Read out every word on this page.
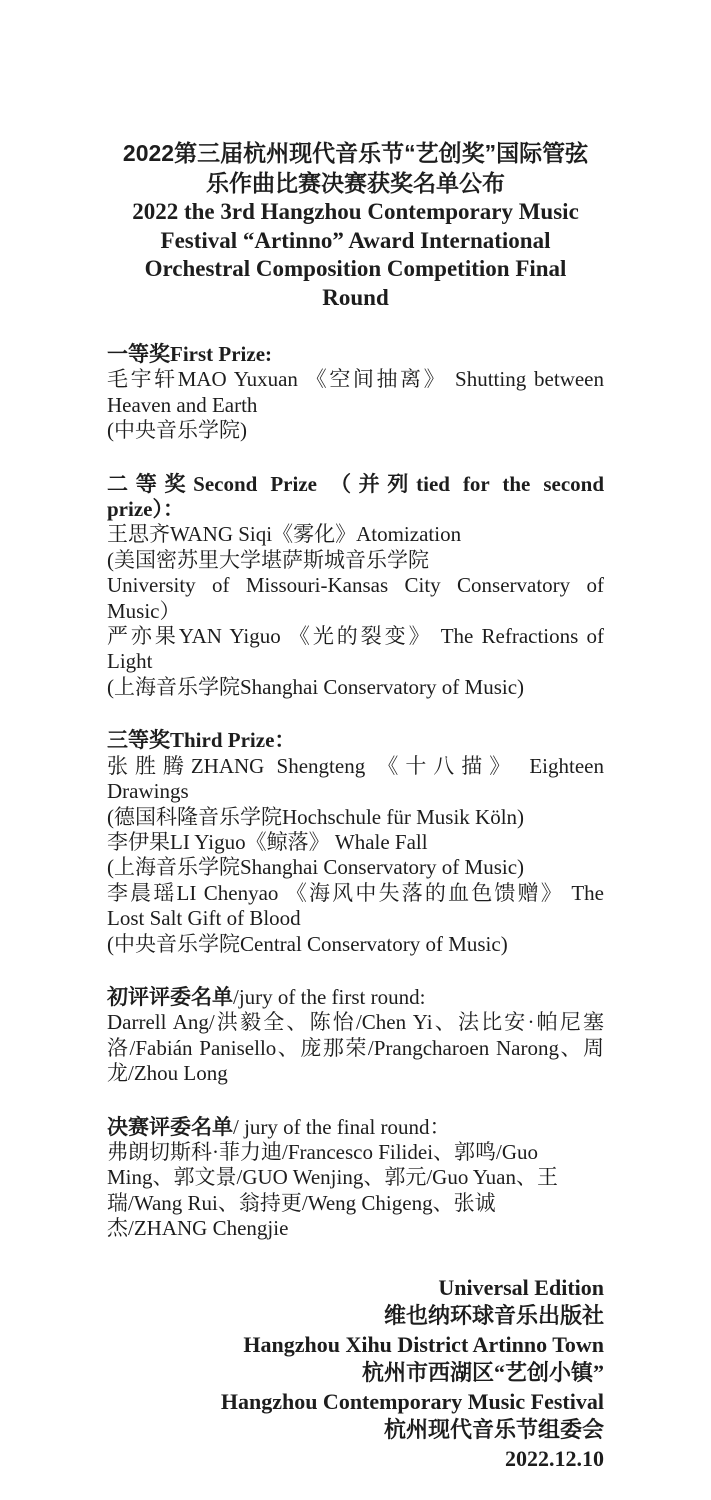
2022第三届杭州现代音乐节“艺创奖”国际管弦
乐作曲比赛决赛获奖名单公布
2022 the 3rd Hangzhou Contemporary Music
Festival “Artinno” Award International
Orchestral Composition Competition Final
Round
一等奖First Prize:
毛宇轩MAO Yuxuan 《空间抽离》 Shutting between
Heaven and Earth
(中央音乐学院)
二等奖Second Prize （并列tied for the second
prize）：
王思齐WANG Siqi《雾化》Atomization
(美国密苏里大学堪萨斯城音乐学院
University of Missouri-Kansas City Conservatory of
Music）
严亦果YAN Yiguo 《光的裂变》 The Refractions of
Light
(上海音乐学院Shanghai Conservatory of Music)
三等奖Third Prize：
张胜腾ZHANG Shengteng 《十八描》 Eighteen
Drawings
(德国科隆音乐学院Hochschule für Musik Köln)
李伊果LI Yiguo《鲸落》 Whale Fall
(上海音乐学院Shanghai Conservatory of Music)
李晨瑶LI Chenyao 《海风中失落的血色馈赠》 The
Lost Salt Gift of Blood
(中央音乐学院Central Conservatory of Music)
初评评委名单/jury of the first round:
Darrell Ang/洪毅全、陈怡/Chen Yi、法比安·帕尼塞
洛/Fabián Panisello、庞那荣/Prangcharoen Narong、周
龙/Zhou Long
决赛评委名单/ jury of the final round：
弗朗切斯科·菲力迪/Francesco Filidei、郭鸣/Guo
Ming、郭文景/GUO Wenjing、郭元/Guo Yuan、王
瑞/Wang Rui、翁持更/Weng Chigeng、张诚
杰/ZHANG Chengjie
Universal Edition
维也纳环球音乐出版社
Hangzhou Xihu District Artinno Town
杭州市西湖区“艺创小镇”
Hangzhou Contemporary Music Festival
杭州现代音乐节组委会
2022.12.10
